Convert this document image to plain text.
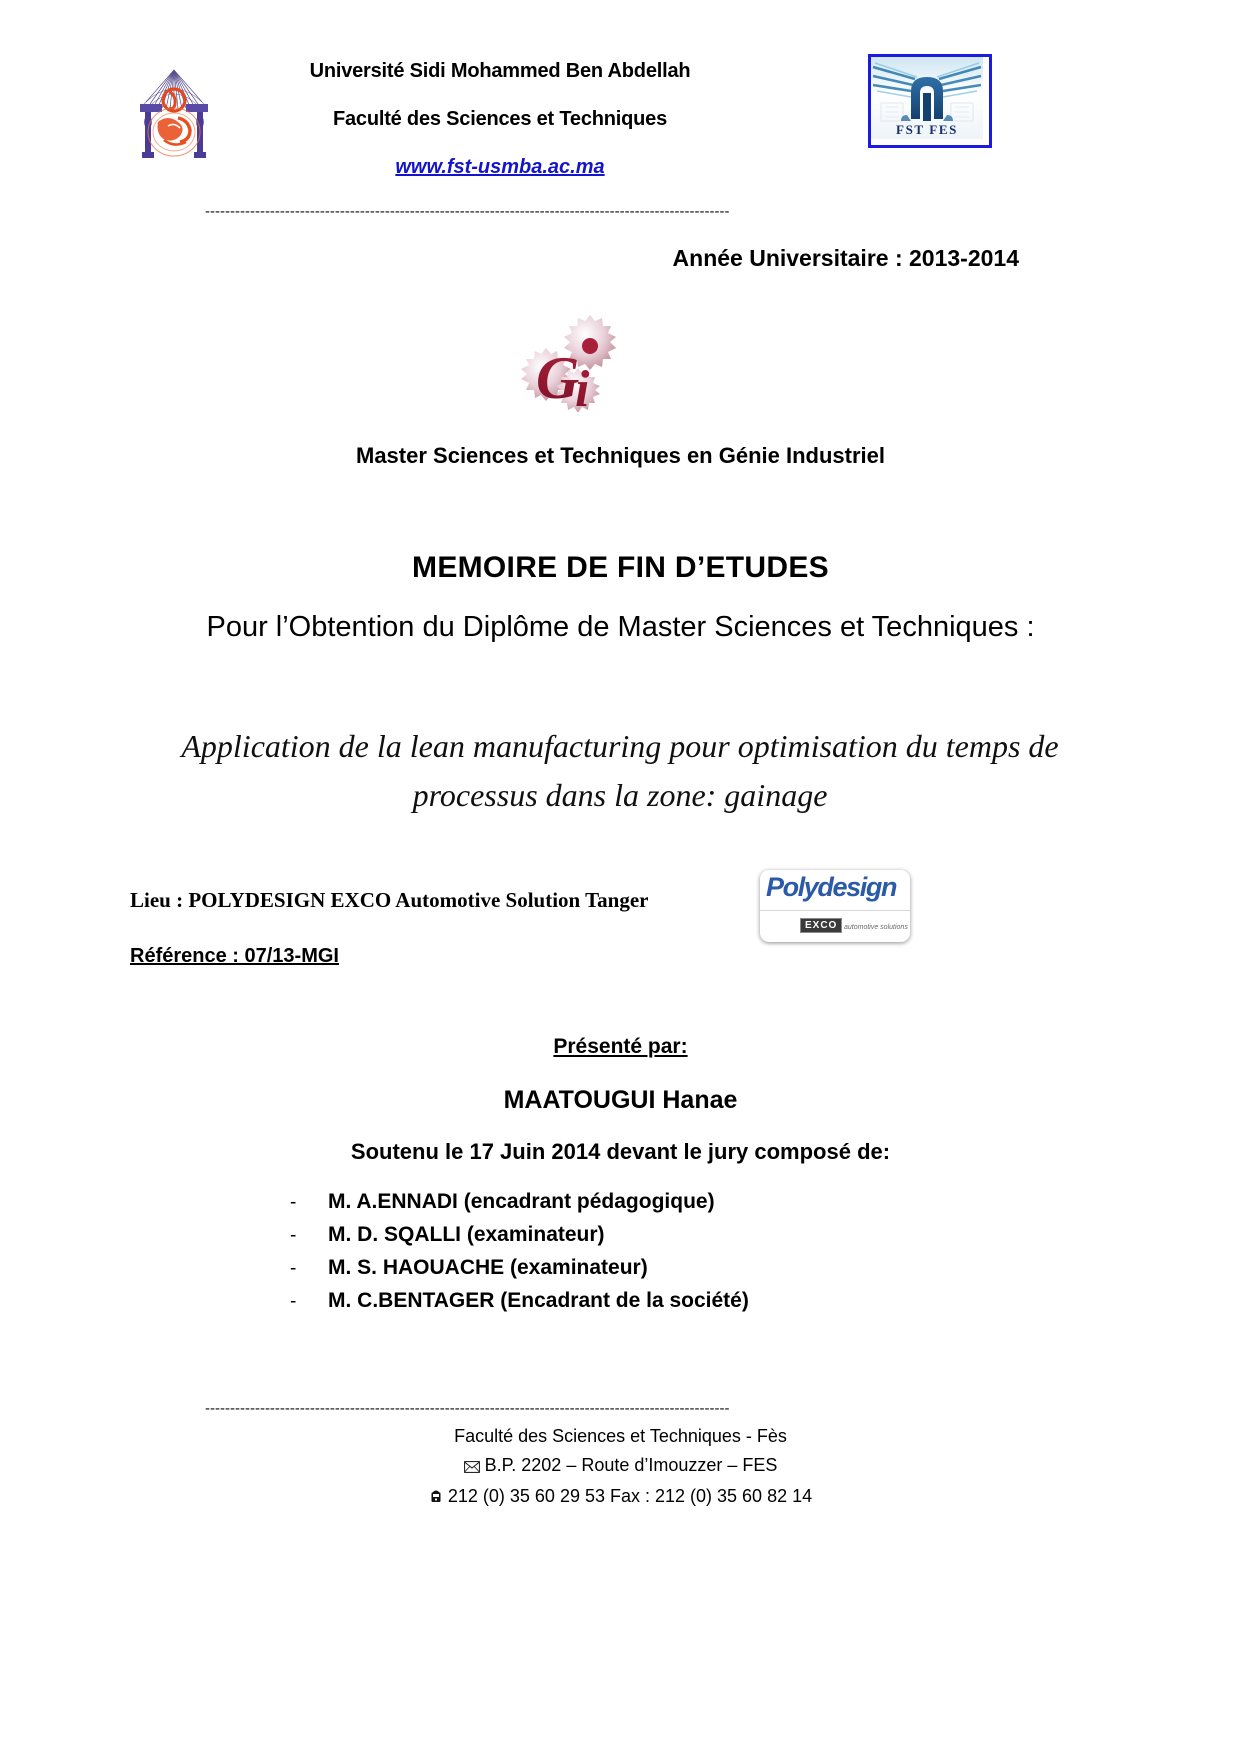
Université Sidi Mohammed Ben Abdellah

Faculté des Sciences et Techniques

www.fst-usmba.ac.ma

FST FES
---------------------------------------------------------------------------------------------------------
Année Universitaire : 2013-2014
G
i
Master Sciences et Techniques en Génie Industriel
MEMOIRE DE FIN D’ETUDES
Pour l’Obtention du Diplôme de Master Sciences et Techniques :
Application de la lean manufacturing pour optimisation du temps de
processus dans la zone: gainage
Lieu : POLYDESIGN EXCO Automotive Solution Tanger
Référence : 07/13-MGI
Polydesign
EXCO automotive solutions
Présenté par:
MAATOUGUI Hanae
Soutenu le 17 Juin 2014 devant le jury composé de:
-	M. A.ENNADI (encadrant pédagogique)
-	M. D. SQALLI (examinateur)
-	M. S. HAOUACHE (examinateur)
-	M. C.BENTAGER (Encadrant de la société)
---------------------------------------------------------------------------------------------------------
Faculté des Sciences et Techniques - Fès
B.P. 2202 – Route d’Imouzzer – FES
212 (0) 35 60 29 53 Fax : 212 (0) 35 60 82 14
